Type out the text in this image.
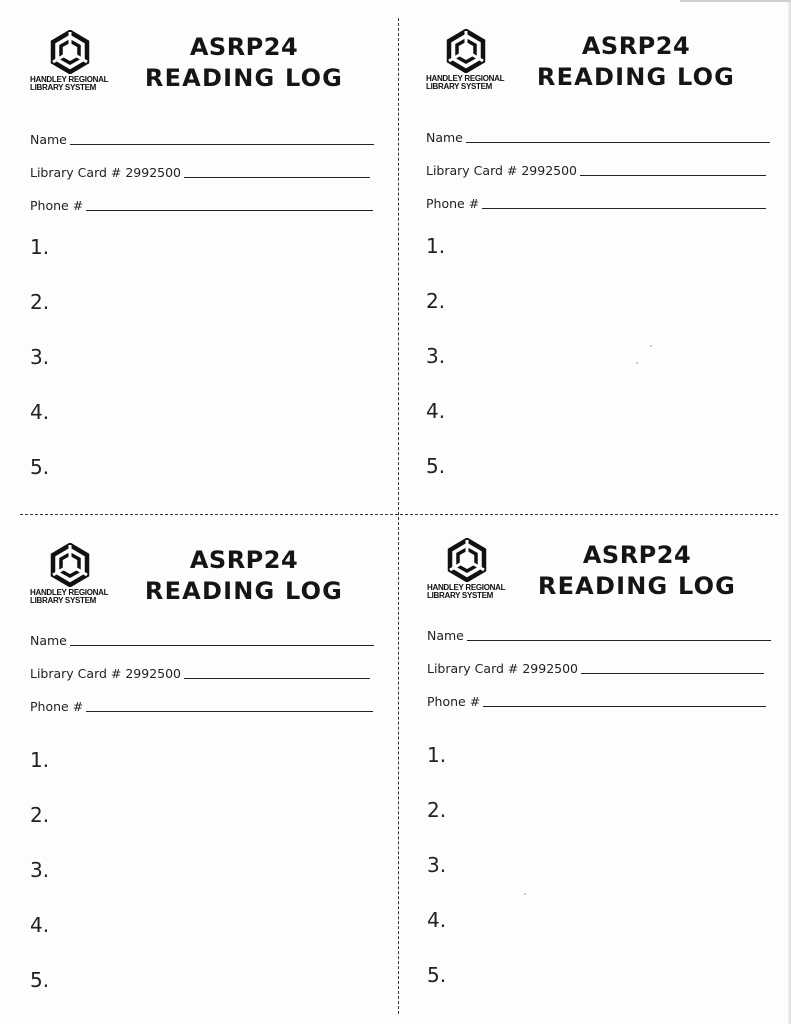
HANDLEY REGIONAL
LIBRARY SYSTEM
ASRP24
READING LOG
Name
Library Card # 2992500
Phone #
1.
2.
3.
4.
5.
HANDLEY REGIONAL
LIBRARY SYSTEM
ASRP24
READING LOG
Name
Library Card # 2992500
Phone #
1.
2.
3.
4.
5.
HANDLEY REGIONAL
LIBRARY SYSTEM
ASRP24
READING LOG
Name
Library Card # 2992500
Phone #
1.
2.
3.
4.
5.
HANDLEY REGIONAL
LIBRARY SYSTEM
ASRP24
READING LOG
Name
Library Card # 2992500
Phone #
1.
2.
3.
4.
5.
